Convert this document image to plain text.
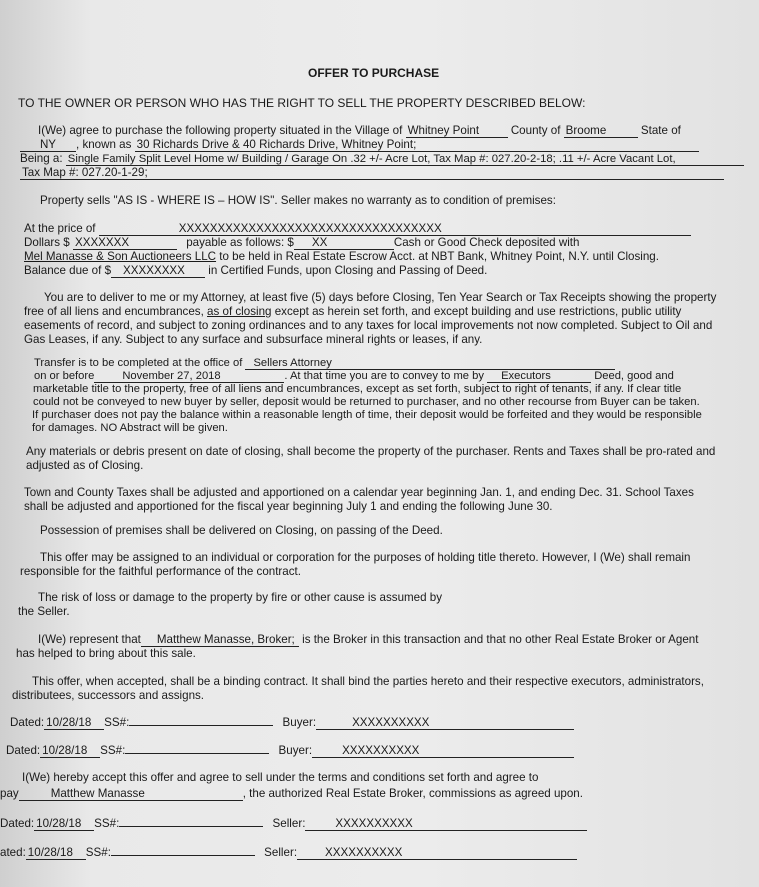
OFFER TO PURCHASE
TO THE OWNER OR PERSON WHO HAS THE RIGHT TO SELL THE PROPERTY DESCRIBED BELOW:
I(We) agree to purchase the following property situated in the Village of Whitney Point	County of Broome	State of
NY , known as 30 Richards Drive & 40 Richards Drive, Whitney Point;
Being a: Single Family Split Level Home w/ Building / Garage On .32 +/- Acre Lot, Tax Map #: 027.20-2-18; .11 +/- Acre Vacant Lot,
Tax Map #: 027.20-1-29;
Property sells "AS IS - WHERE IS – HOW IS". Seller makes no warranty as to condition of premises:
At the price of	XXXXXXXXXXXXXXXXXXXXXXXXXXXXXXXXXX
Dollars $ XXXXXXX	payable as follows: $ XX	Cash or Good Check deposited with
Mel Manasse & Son Auctioneers LLC to be held in Real Estate Escrow Acct. at NBT Bank, Whitney Point, N.Y. until Closing.
Balance due of $ XXXXXXXX in Certified Funds, upon Closing and Passing of Deed.
You are to deliver to me or my Attorney, at least five (5) days before Closing, Ten Year Search or Tax Receipts showing the property
free of all liens and encumbrances, as of closing except as herein set forth, and except building and use restrictions, public utility
easements of record, and subject to zoning ordinances and to any taxes for local improvements not now completed. Subject to Oil and
Gas Leases, if any. Subject to any surface and subsurface mineral rights or leases, if any.
Transfer is to be completed at the office of Sellers Attorney
on or before	November 27, 2018	. At that time you are to convey to me by Executors	Deed, good and
marketable title to the property, free of all liens and encumbrances, except as set forth, subject to right of tenants, if any. If clear title
could not be conveyed to new buyer by seller, deposit would be returned to purchaser, and no other recourse from Buyer can be taken.
If purchaser does not pay the balance within a reasonable length of time, their deposit would be forfeited and they would be responsible
for damages. NO Abstract will be given.
Any materials or debris present on date of closing, shall become the property of the purchaser. Rents and Taxes shall be pro-rated and
adjusted as of Closing.
Town and County Taxes shall be adjusted and apportioned on a calendar year beginning Jan. 1, and ending Dec. 31. School Taxes
shall be adjusted and apportioned for the fiscal year beginning July 1 and ending the following June 30.
Possession of premises shall be delivered on Closing, on passing of the Deed.
This offer may be assigned to an individual or corporation for the purposes of holding title thereto. However, I (We) shall remain
responsible for the faithful performance of the contract.
The risk of loss or damage to the property by fire or other cause is assumed by
the Seller.
I(We) represent that Matthew Manasse, Broker; is the Broker in this transaction and that no other Real Estate Broker or Agent
has helped to bring about this sale.
This offer, when accepted, shall be a binding contract. It shall bind the parties hereto and their respective executors, administrators,
distributees, successors and assigns.
Dated: 10/28/18 SS#:	Buyer:	XXXXXXXXXX
Dated: 10/28/18 SS#:	Buyer:	XXXXXXXXXX
I(We) hereby accept this offer and agree to sell under the terms and conditions set forth and agree to
pay	Matthew Manasse	, the authorized Real Estate Broker, commissions as agreed upon.
Dated: 10/28/18 SS#:	Seller:	XXXXXXXXXX
ated: 10/28/18 SS#:	Seller: XXXXXXXXXX
